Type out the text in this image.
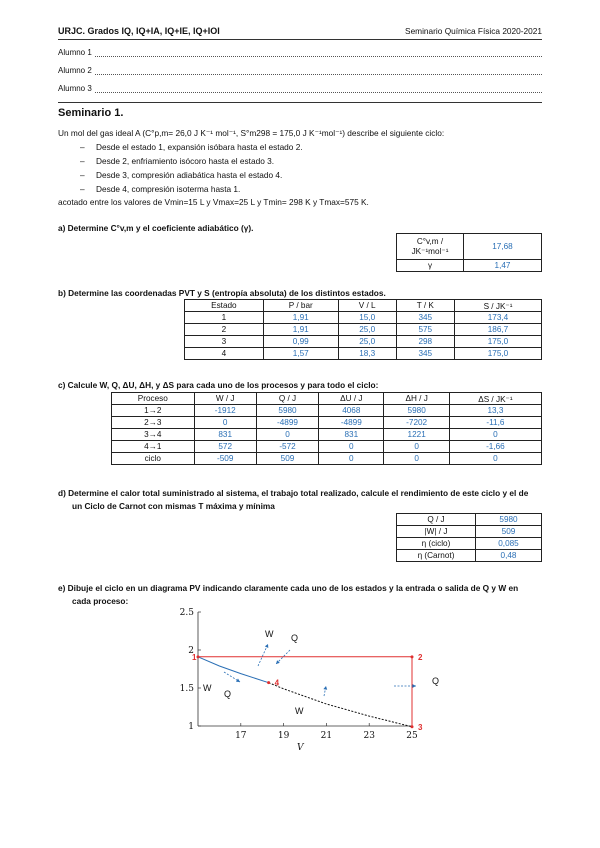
URJC. Grados IQ, IQ+IA, IQ+IE, IQ+IOI	Seminario Química Física 2020-2021
Alumno 1
Alumno 2
Alumno 3
Seminario 1.
Un mol del gas ideal A (C°p,m= 26,0 J K⁻¹ mol⁻¹, S°m298 = 175,0 J K⁻¹mol⁻¹) describe el siguiente ciclo:
– Desde el estado 1, expansión isóbara hasta el estado 2.
– Desde 2, enfriamiento isócoro hasta el estado 3.
– Desde 3, compresión adiabática hasta el estado 4.
– Desde 4, compresión isoterma hasta 1.
acotado entre los valores de Vmin=15 L y Vmax=25 L y Tmin= 298 K y Tmax=575 K.
a) Determine C°v,m y el coeficiente adiabático (γ).
C°v,m / JK⁻¹mol⁻¹	17,68
γ	1,47
b) Determine las coordenadas PVT y S (entropía absoluta) de los distintos estados.
Estado	P / bar	V / L	T / K	S / JK⁻¹
1	1,91	15,0	345	173,4
2	1,91	25,0	575	186,7
3	0,99	25,0	298	175,0
4	1,57	18,3	345	175,0
c) Calcule W, Q, ΔU, ΔH, y ΔS para cada uno de los procesos y para todo el ciclo:
Proceso	W / J	Q / J	ΔU / J	ΔH / J	ΔS / JK⁻¹
1→2	-1912	5980	4068	5980	13,3
2→3	0	-4899	-4899	-7202	-11,6
3→4	831	0	831	1221	0
4→1	572	-572	0	0	-1,66
ciclo	-509	509	0	0	0
d) Determine el calor total suministrado al sistema, el trabajo total realizado, calcule el rendimiento de este ciclo y el de
un Ciclo de Carnot con mismas T máxima y mínima
Q / J	5980
|W| / J	509
η (ciclo)	0,085
η (Carnot)	0,48
e) Dibuje el ciclo en un diagrama PV indicando claramente cada uno de los estados y la entrada o salida de Q y W en
cada proceso:
1
1.5
2
2.5
17	19	21	23	25
V
1	2
3
4
W Q
W
Q
W
Q
